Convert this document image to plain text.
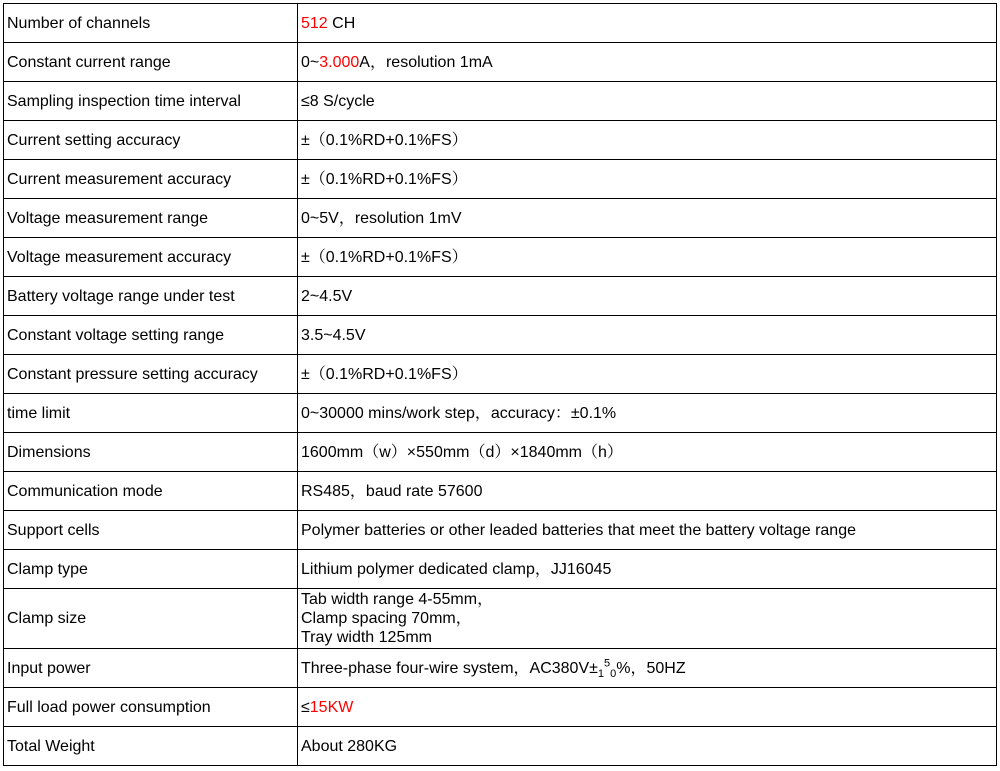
Number of channels	512 CH
Constant current range	0~3.000A，resolution 1mA
Sampling inspection time interval	≤8 S/cycle
Current setting accuracy	±（0.1%RD+0.1%FS）
Current measurement accuracy	±（0.1%RD+0.1%FS）
Voltage measurement range	0~5V，resolution 1mV
Voltage measurement accuracy	±（0.1%RD+0.1%FS）
Battery voltage range under test	2~4.5V
Constant voltage setting range	3.5~4.5V
Constant pressure setting accuracy	±（0.1%RD+0.1%FS）
time limit	0~30000 mins/work step，accuracy：±0.1%
Dimensions	1600mm（w）×550mm（d）×1840mm（h）
Communication mode	RS485，baud rate 57600
Support cells	Polymer batteries or other leaded batteries that meet the battery voltage range
Clamp type	Lithium polymer dedicated clamp，JJ16045
Clamp size	Tab width range 4-55mm，
Clamp spacing 70mm，
Tray width 125mm

Input power	Three-phase four-wire system，$AC380V\pm_1^5_0\%$，50HZ
Full load power consumption	≤15KW
Total Weight	About 280KG
